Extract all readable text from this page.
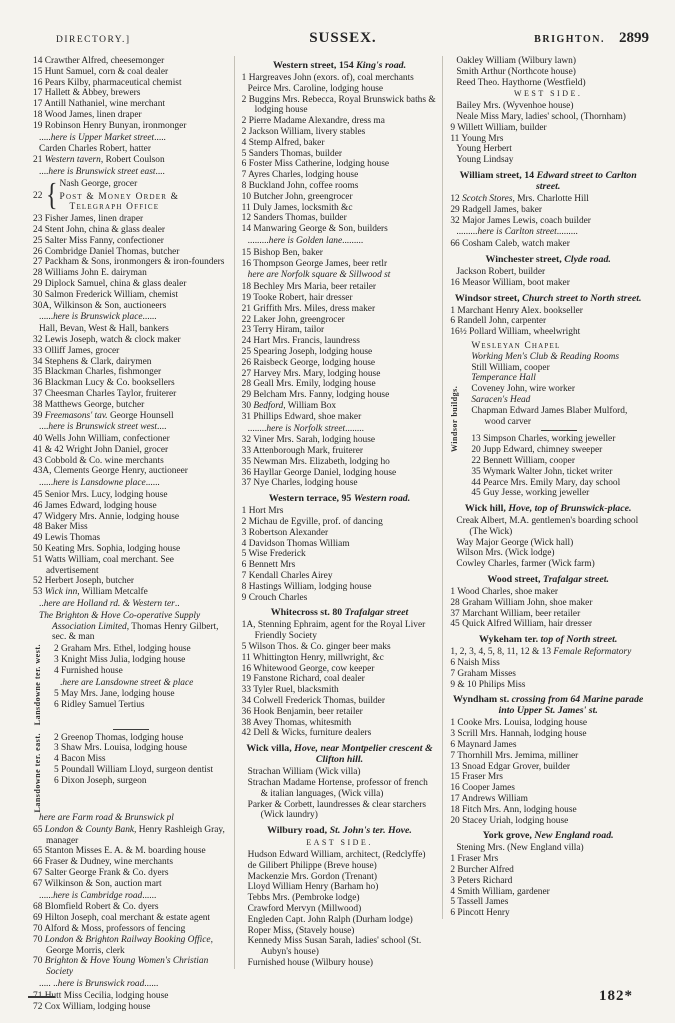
DIRECTORY.]	SUSSEX.	BRIGHTON. 2899
14 Crawther Alfred, cheesemonger
15 Hunt Samuel, corn & coal dealer
16 Pears Kilby, pharmaceutical chemist
17 Hallett & Abbey, brewers
17 Antill Nathaniel, wine merchant
18 Wood James, linen draper
19 Robinson Henry Bunyan, ironmonger
.....here is Upper Market street.....
Carden Charles Robert, hatter
21 Western tavern, Robert Coulson
....here is Brunswick street east....
22 { Nash George, grocer
Post & Money Order & Telegraph Office
23 Fisher James, linen draper
24 Stent John, china & glass dealer
25 Salter Miss Fanny, confectioner
26 Combridge Daniel Thomas, butcher
27 Packham & Sons, ironmongers & iron-founders
28 Williams John E. dairyman
29 Diplock Samuel, china & glass dealer
30 Salmon Frederick William, chemist
30A, Wilkinson & Son, auctioneers
......here is Brunswick place......
Hall, Bevan, West & Hall, bankers
32 Lewis Joseph, watch & clock maker
33 Olliff James, grocer
34 Stephens & Clark, dairymen
35 Blackman Charles, fishmonger
36 Blackman Lucy & Co. booksellers
37 Cheesman Charles Taylor, fruiterer
38 Matthews George, butcher
39 Freemasons' tav. George Hounsell
....here is Brunswick street west....
40 Wells John William, confectioner
41 & 42 Wright John Daniel, grocer
43 Cobbold & Co. wine merchants
43A, Clements George Henry, auctioneer
......here is Lansdowne place......
45 Senior Mrs. Lucy, lodging house
46 James Edward, lodging house
47 Widgery Mrs. Annie, lodging house
48 Baker Miss
49 Lewis Thomas
50 Keating Mrs. Sophia, lodging house
51 Watts William, coal merchant. See advertisement
52 Herbert Joseph, butcher
53 Wick inn, William Metcalfe
..here are Holland rd. & Western ter..
The Brighton & Hove Co-operative Supply Association Limited, Thomas Henry Gilbert, sec. & man
Lansdowne ter. west.	2 Graham Mrs. Ethel, lodging house
3 Knight Miss Julia, lodging house
4 Furnished house
.here are Lansdowne street & place
5 May Mrs. Jane, lodging house
6 Ridley Samuel Tertius
Lansdowne ter. east.	2 Greenop Thomas, lodging house
3 Shaw Mrs. Louisa, lodging house
4 Bacon Miss
5 Poundall William Lloyd, surgeon dentist
6 Dixon Joseph, surgeon
here are Farm road & Brunswick pl
65 London & County Bank, Henry Rashleigh Gray, manager
65 Stanton Misses E. A. & M. boarding house
66 Fraser & Dudney, wine merchants
67 Salter George Frank & Co. dyers
67 Wilkinson & Son, auction mart
......here is Cambridge road......
68 Blomfield Robert & Co. dyers
69 Hilton Joseph, coal merchant & estate agent
70 Alford & Moss, professors of fencing
70 London & Brighton Railway Booking Office, George Morris, clerk
70 Brighton & Hove Young Women's Christian Society
..... ..here is Brunswick road......
71 Hutt Miss Cecilia, lodging house
72 Cox William, lodging house
Western street, 154 King's road.
1 Hargreaves John (exors. of), coal merchants
Peirce Mrs. Caroline, lodging house
2 Buggins Mrs. Rebecca, Royal Brunswick baths & lodging house
2 Pierre Madame Alexandre, dress ma
2 Jackson William, livery stables
4 Stemp Alfred, baker
5 Sanders Thomas, builder
6 Foster Miss Catherine, lodging house
7 Ayres Charles, lodging house
8 Buckland John, coffee rooms
10 Butcher John, greengrocer
11 Duly James, locksmith &c
12 Sanders Thomas, builder
14 Manwaring George & Son, builders
.........here is Golden lane.........
15 Bishop Ben, baker
16 Thompson George James, beer retlr
here are Norfolk square & Sillwood st
18 Bechley Mrs Maria, beer retailer
19 Tooke Robert, hair dresser
21 Griffith Mrs. Miles, dress maker
22 Laker John, greengrocer
23 Terry Hiram, tailor
24 Hart Mrs. Francis, laundress
25 Spearing Joseph, lodging house
26 Raisbeck George, lodging house
27 Harvey Mrs. Mary, lodging house
28 Geall Mrs. Emily, lodging house
29 Belcham Mrs. Fanny, lodging house
30 Bedford, William Box
31 Phillips Edward, shoe maker
........here is Norfolk street........
32 Viner Mrs. Sarah, lodging house
33 Attenborough Mark, fruiterer
35 Newman Mrs. Elizabeth, lodging ho
36 Hayllar George Daniel, lodging house
37 Nye Charles, lodging house
Western terrace, 95 Western road.
1 Hort Mrs
2 Michau de Egville, prof. of dancing
3 Robertson Alexander
4 Davidson Thomas William
5 Wise Frederick
6 Bennett Mrs
7 Kendall Charles Airey
8 Hastings William, lodging house
9 Crouch Charles
Whitecross st. 80 Trafalgar street
1A, Stenning Ephraim, agent for the Royal Liver Friendly Society
5 Wilson Thos. & Co. ginger beer maks
11 Whittington Henry, millwright, &c
16 Whitewood George, cow keeper
19 Fanstone Richard, coal dealer
33 Tyler Ruel, blacksmith
34 Colwell Frederick Thomas, builder
36 Hook Benjamin, beer retailer
38 Avey Thomas, whitesmith
42 Dell & Wicks, furniture dealers
Wick villa, Hove, near Montpelier crescent & Clifton hill.
Strachan William (Wick villa)
Strachan Madame Hortense, professor of french & italian languages, (Wick villa)
Parker & Corbett, laundresses & clear starchers (Wick laundry)
Wilbury road, St. John's ter. Hove.
EAST SIDE.
Hudson Edward William, architect, (Redclyffe)
de Gilibert Philippe (Breve house)
Mackenzie Mrs. Gordon (Trenant)
Lloyd William Henry (Barham ho)
Tebbs Mrs. (Pembroke lodge)
Crawford Mervyn (Millwood)
Engleden Capt. John Ralph (Durham lodge)
Roper Miss, (Stavely house)
Kennedy Miss Susan Sarah, ladies' school (St. Aubyn's house)
Furnished house (Wilbury house)
Oakley William (Wilbury lawn)
Smith Arthur (Northcote house)
Reed Theo. Haythorne (Westfield)
WEST SIDE.
Bailey Mrs. (Wyvenhoe house)
Neale Miss Mary, ladies' school, (Thornham)
9 Willett William, builder
11 Young Mrs
Young Herbert
Young Lindsay
William street, 14 Edward street to Carlton street.
12 Scotch Stores, Mrs. Charlotte Hill
29 Radgell James, baker
32 Major James Lewis, coach builder
.........here is Carlton street.........
66 Cosham Caleb, watch maker
Winchester street, Clyde road.
Jackson Robert, builder
16 Measor William, boot maker
Windsor street, Church street to North street.
1 Marchant Henry Alex. bookseller
6 Randell John, carpenter
16½ Pollard William, wheelwright
Windsor buildgs.
Wesleyan Chapel
Working Men's Club & Reading Rooms
Still William, cooper
Temperance Hall
Coveney John, wire worker
Saracen's Head
Chapman Edward James Blaber Mulford, wood carver
13 Simpson Charles, working jeweller
20 Jupp Edward, chimney sweeper
22 Bennett William, cooper
35 Wymark Walter John, ticket writer
44 Pearce Mrs. Emily Mary, day school
45 Guy Jesse, working jeweller
Wick hill, Hove, top of Brunswick-place.
Creak Albert, M.A. gentlemen's boarding school (The Wick)
Way Major George (Wick hall)
Wilson Mrs. (Wick lodge)
Cowley Charles, farmer (Wick farm)
Wood street, Trafalgar street.
1 Wood Charles, shoe maker
28 Graham William John, shoe maker
37 Marchant William, beer retailer
45 Quick Alfred William, hair dresser
Wykeham ter. top of North street.
1, 2, 3, 4, 5, 8, 11, 12 & 13 Female Reformatory
6 Naish Miss
7 Graham Misses
9 & 10 Philips Miss
Wyndham st. crossing from 64 Marine parade into Upper St. James' st.
1 Cooke Mrs. Louisa, lodging house
3 Scrill Mrs. Hannah, lodging house
6 Maynard James
7 Thornhill Mrs. Jemima, milliner
13 Snoad Edgar Grover, builder
15 Fraser Mrs
16 Cooper James
17 Andrews William
18 Fitch Mrs. Ann, lodging house
20 Stacey Uriah, lodging house
York grove, New England road.
Stening Mrs. (New England villa)
1 Fraser Mrs
2 Burcher Alfred
3 Peters Richard
4 Smith William, gardener
5 Tassell James
6 Pincott Henry
182*
